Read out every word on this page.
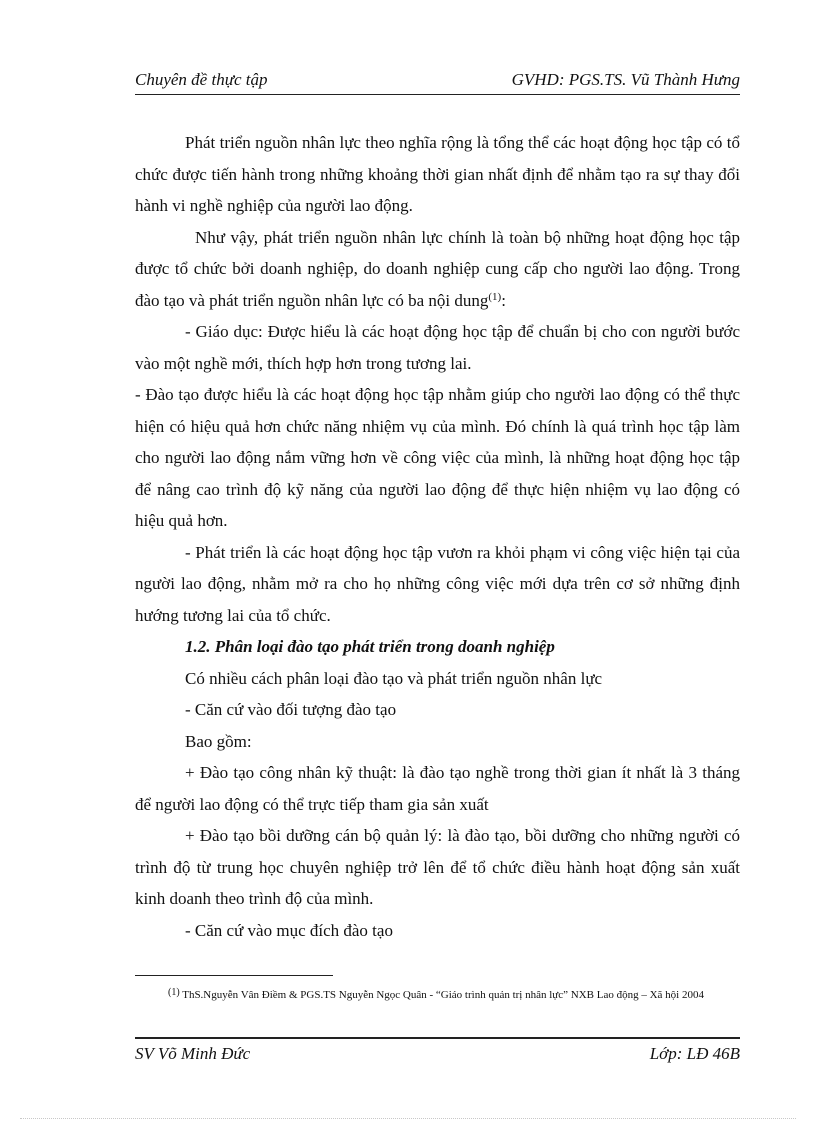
Chuyên đề thực tập	GVHD: PGS.TS. Vũ Thành Hưng

Phát triển nguồn nhân lực theo nghĩa rộng là tổng thể các hoạt động học tập có tổ chức được tiến hành trong những khoảng thời gian nhất định để nhằm tạo ra sự thay đổi hành vi nghề nghiệp của người lao động.

Như vậy, phát triển nguồn nhân lực chính là toàn bộ những hoạt động học tập được tổ chức bởi doanh nghiệp, do doanh nghiệp cung cấp cho người lao động. Trong đào tạo và phát triển nguồn nhân lực có ba nội dung$^{(1)}$:

- Giáo dục: Được hiểu là các hoạt động học tập để chuẩn bị cho con người bước vào một nghề mới, thích hợp hơn trong tương lai.

- Đào tạo được hiểu là các hoạt động học tập nhằm giúp cho người lao động có thể thực hiện có hiệu quả hơn chức năng nhiệm vụ của mình. Đó chính là quá trình học tập làm cho người lao động nắm vững hơn về công việc của mình, là những hoạt động học tập để nâng cao trình độ kỹ năng của người lao động để thực hiện nhiệm vụ lao động có hiệu quả hơn.

- Phát triển là các hoạt động học tập vươn ra khỏi phạm vi công việc hiện tại của người lao động, nhằm mở ra cho họ những công việc mới dựa trên cơ sở những định hướng tương lai của tổ chức.

1.2. Phân loại đào tạo phát triển trong doanh nghiệp

Có nhiều cách phân loại đào tạo và phát triển nguồn nhân lực

- Căn cứ vào đối tượng đào tạo

Bao gồm:

+ Đào tạo công nhân kỹ thuật: là đào tạo nghề trong thời gian ít nhất là 3 tháng để người lao động có thể trực tiếp tham gia sản xuất

+ Đào tạo bồi dưỡng cán bộ quản lý: là đào tạo, bồi dưỡng cho những người có trình độ từ trung học chuyên nghiệp trở lên để tổ chức điều hành hoạt động sản xuất kinh doanh theo trình độ của mình.

- Căn cứ vào mục đích đào tạo

$^{(1)}$ ThS.Nguyễn Vân Điềm & PGS.TS Nguyễn Ngọc Quân - “Giáo trình quản trị nhân lực” NXB Lao động – Xã hội 2004
SV Võ Minh Đức	Lớp: LĐ 46B
